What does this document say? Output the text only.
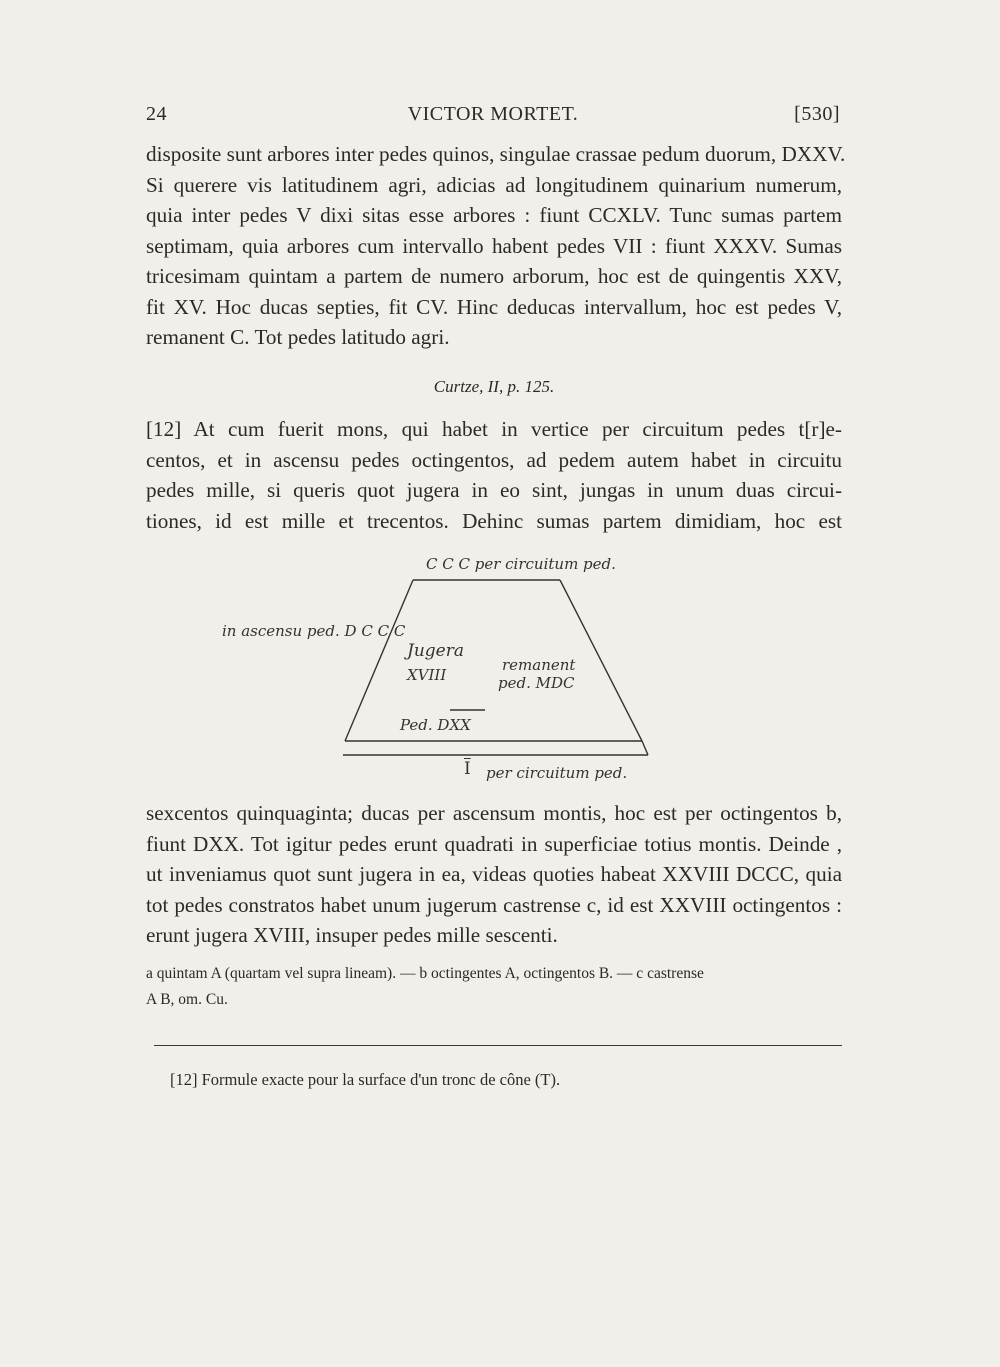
24	VICTOR MORTET.	[530]
disposite sunt arbores inter pedes quinos, singulae crassae pedum duorum, DXXV.
Si querere vis latitudinem agri, adicias ad longitudinem quinarium numerum,
quia inter pedes V dixi sitas esse arbores : fiunt CCXLV. Tunc sumas partem
septimam, quia arbores cum intervallo habent pedes VII : fiunt XXXV. Sumas
tricesimam quintam a partem de numero arborum, hoc est de quingentis XXV,
fit XV. Hoc ducas septies, fit CV. Hinc deducas intervallum, hoc est pedes V,
remanent C. Tot pedes latitudo agri.
Curtze, II, p. 125.
[12] At cum fuerit mons, qui habet in vertice per circuitum pedes t[r]e-
centos, et in ascensu pedes octingentos, ad pedem autem habet in circuitu
pedes mille, si queris quot jugera in eo sint, jungas in unum duas circui-
tiones, id est mille et trecentos. Dehinc sumas partem dimidiam, hoc est
C C C per circuitum ped.
in ascensu ped. D C C C
Jugera
XVIII
remanent
ped. MDC
Ped. DXX
$\overline{I}$ per circuitum ped.
sexcentos quinquaginta; ducas per ascensum montis, hoc est per octingentos b,
fiunt DXX. Tot igitur pedes erunt quadrati in superficiae totius montis. Deinde ,
ut inveniamus quot sunt jugera in ea, videas quoties habeat XXVIII DCCC, quia
tot pedes constratos habet unum jugerum castrense c, id est XXVIII octingentos :
erunt jugera XVIII, insuper pedes mille sescenti.
a quintam A (quartam vel supra lineam). — b octingentes A, octingentos B. — c castrense
A B, om. Cu.
[12] Formule exacte pour la surface d'un tronc de cône (T).
